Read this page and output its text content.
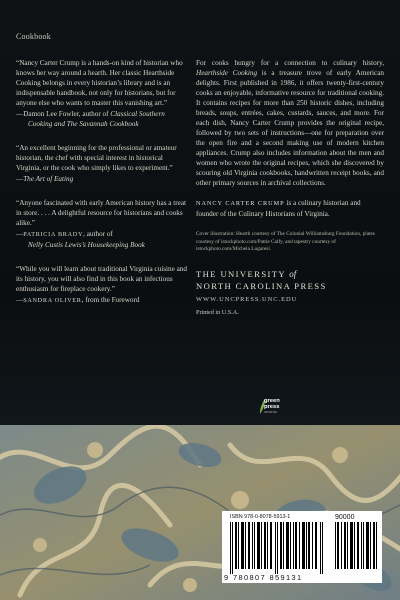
Cookbook

“Nancy Carter Crump is a hands-on kind of historian who knows her way around a hearth. Her classic Hearthside Cooking belongs in every historian’s library and is an indispensable handbook, not only for historians, but for anyone else who wants to master this vanishing art.”

—Damon Lee Fowler, author of Classical Southern Cooking and The Savannah Cookbook

“An excellent beginning for the professional or amateur historian, the chef with special interest in historical Virginia, or the cook who simply likes to experiment.”

—The Art of Eating

“Anyone fascinated with early American history has a treat in store. . . . A delightful resource for historians and cooks alike.”

—PATRICIA BRADY, author of
Nelly Custis Lewis’s Housekeeping Book

“While you will learn about traditional Virginia cuisine and its history, you will also find in this book an infectious enthusiasm for fireplace cookery.”

—SANDRA OLIVER, from the Foreword

For cooks hungry for a connection to culinary history, Hearthside Cooking is a treasure trove of early American delights. First published in 1986, it offers twenty-first-century cooks an enjoyable, informative resource for traditional cooking. It contains recipes for more than 250 historic dishes, including breads, soups, entrées, cakes, custards, sauces, and more. For each dish, Nancy Carter Crump provides the original recipe, followed by two sets of instructions—one for preparation over the open fire and a second making use of modern kitchen appliances. Crump also includes information about the men and women who wrote the original recipes, which she discovered by scouring old Virginia cookbooks, handwritten receipt books, and other primary sources in archival collections.

NANCY CARTER CRUMP is a culinary historian and founder of the Culinary Historians of Virginia.

Cover illustration: Hearth courtesy of The Colonial Williamsburg Foundation, plates courtesy of istockphoto.com/Pattie Calfy, and tapestry courtesy of istockphoto.com/Michela Lugaresi.

THE UNIVERSITY of
NORTH CAROLINA PRESS
WWW.UNCPRESS.UNC.EDU
Printed in U.S.A.
green
press
INITIATIVE
ISBN 978-0-8078-5913-1	90000
9 780807 859131
